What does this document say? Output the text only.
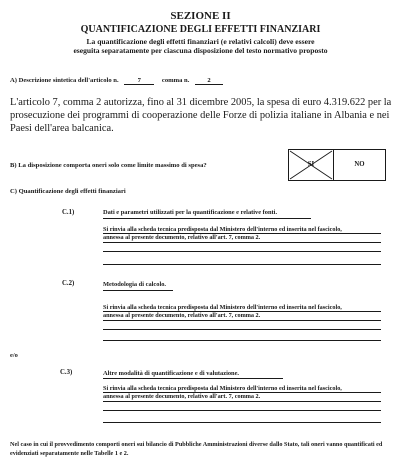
SEZIONE II
QUANTIFICAZIONE DEGLI EFFETTI FINANZIARI
La quantificazione degli effetti finanziari (e relativi calcoli) deve essere
eseguita separatamente per ciascuna disposizione del testo normativo proposto
A) Descrizione sintetica dell'articolo n.	7	comma n.	2
L'articolo 7, comma 2 autorizza, fino al 31 dicembre 2005, la spesa di euro 4.319.622 per la prosecuzione dei programmi di cooperazione delle Forze di polizia italiane in Albania e nei Paesi dell'area balcanica.
B) La disposizione comporta oneri solo come limite massimo di spesa?	SI	NO
C) Quantificazione degli effetti finanziari
C.1)	Dati e parametri utilizzati per la quantificazione e relative fonti.
Si rinvia alla scheda tecnica predisposta dal Ministero dell'interno ed inserita nel fascicolo, annessa al presente documento, relativo all'art. 7, comma 2.
C.2)	Metodologia di calcolo.
Si rinvia alla scheda tecnica predisposta dal Ministero dell'interno ed inserita nel fascicolo, annessa al presente documento, relativo all'art. 7, comma 2.
e/o
C.3)	Altre modalità di quantificazione e di valutazione.
Si rinvia alla scheda tecnica predisposta dal Ministero dell'interno ed inserita nel fascicolo, annessa al presente documento, relativo all'art. 7, comma 2.
Nel caso in cui il provvedimento comporti oneri sui bilancio di Pubbliche Amministrazioni diverse dallo Stato, tali oneri vanno quantificati ed evidenziati separatamente nelle Tabelle 1 e 2.
